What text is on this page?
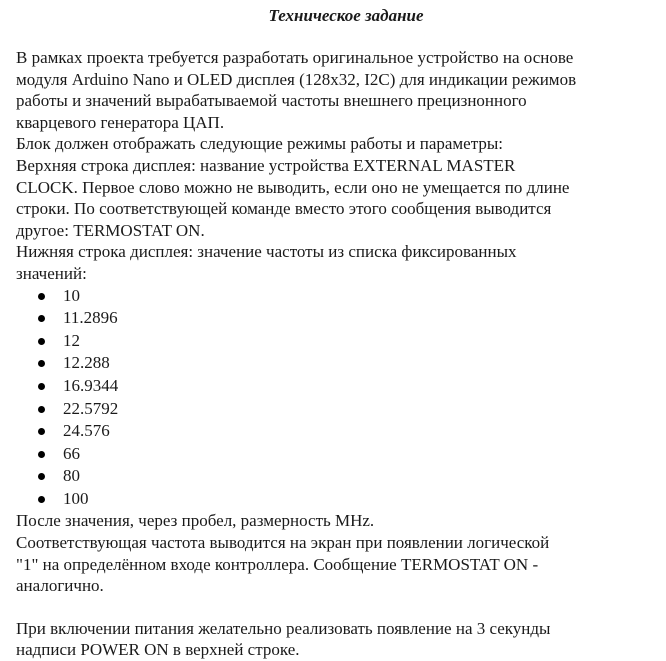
Техническое задание
В рамках проекта требуется разработать оригинальное устройство на основе
модуля Arduino Nano и OLED дисплея (128x32, I2C) для индикации режимов
работы и значений вырабатываемой частоты внешнего прецизнонного
кварцевого генератора ЦАП.
Блок должен отображать следующие режимы работы и параметры:
Верхняя строка дисплея: название устройства EXTERNAL MASTER
CLOCK. Первое слово можно не выводить, если оно не умещается по длине
строки. По соответствующей команде вместо этого сообщения выводится
другое: TERMOSTAT ON.
Нижняя строка дисплея: значение частоты из списка фиксированных
значений:
10
11.2896
12
12.288
16.9344
22.5792
24.576
66
80
100
После значения, через пробел, размерность MHz.
Соответствующая частота выводится на экран при появлении логической
"1" на определённом входе контроллера. Сообщение TERMOSTAT ON -
аналогично.
При включении питания желательно реализовать появление на 3 секунды
надписи POWER ON в верхней строке.
